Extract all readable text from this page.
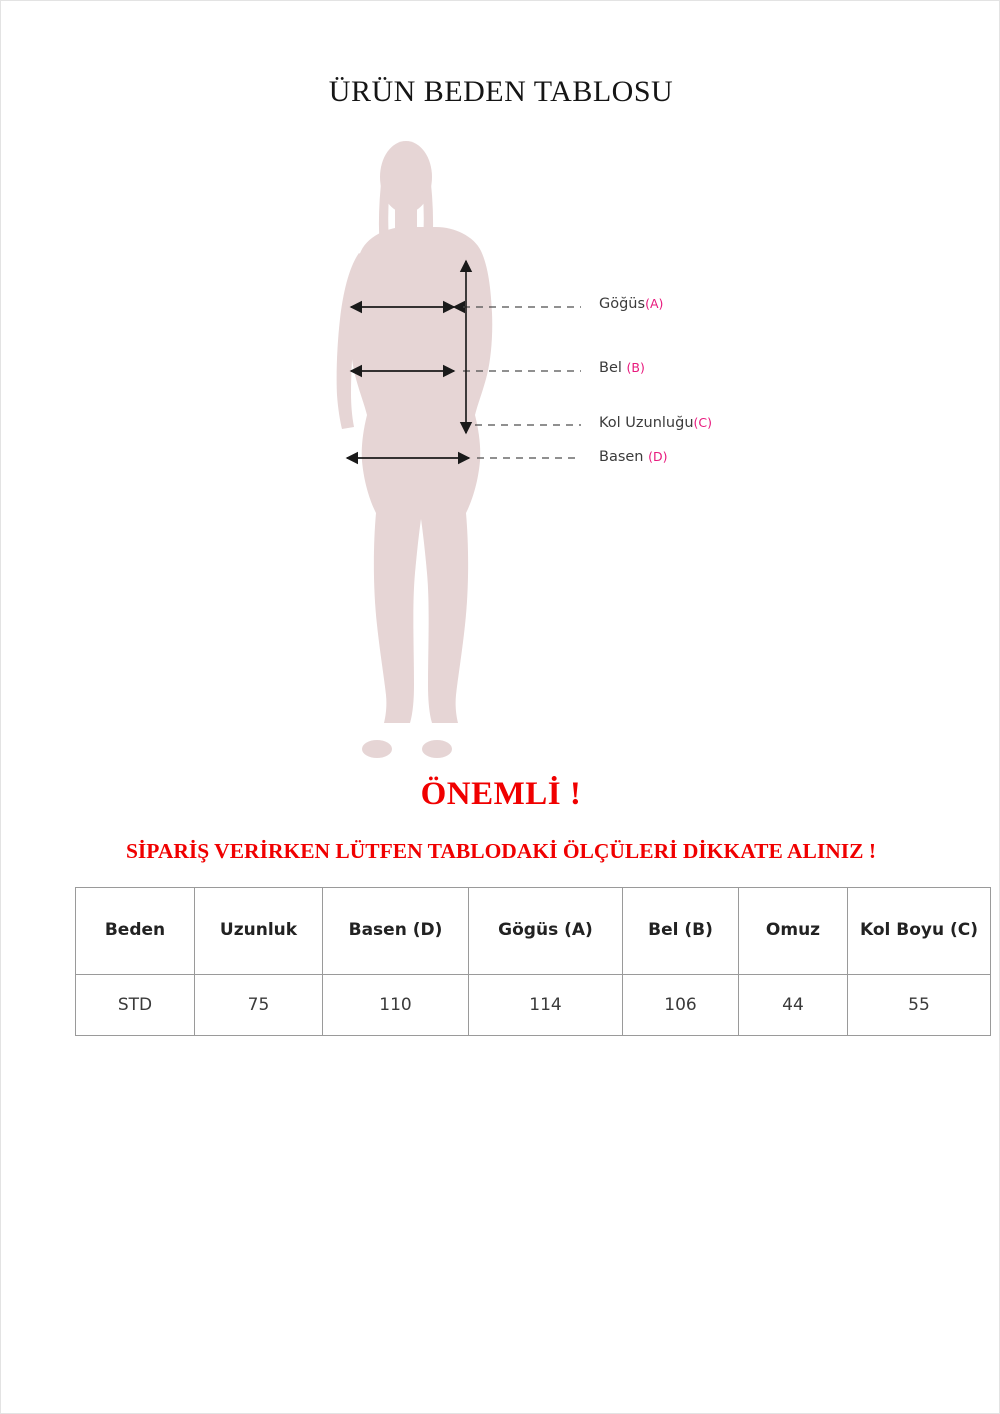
ÜRÜN BEDEN TABLOSU
Göğüs(A)
Bel (B)
Kol Uzunluğu(C)
Basen (D)
ÖNEMLİ !
SİPARİŞ VERİRKEN LÜTFEN TABLODAKİ ÖLÇÜLERİ DİKKATE ALINIZ !
Beden	Uzunluk	Basen (D)	Gögüs (A)	Bel (B)	Omuz	Kol Boyu (C)
STD	75	110	114	106	44	55
